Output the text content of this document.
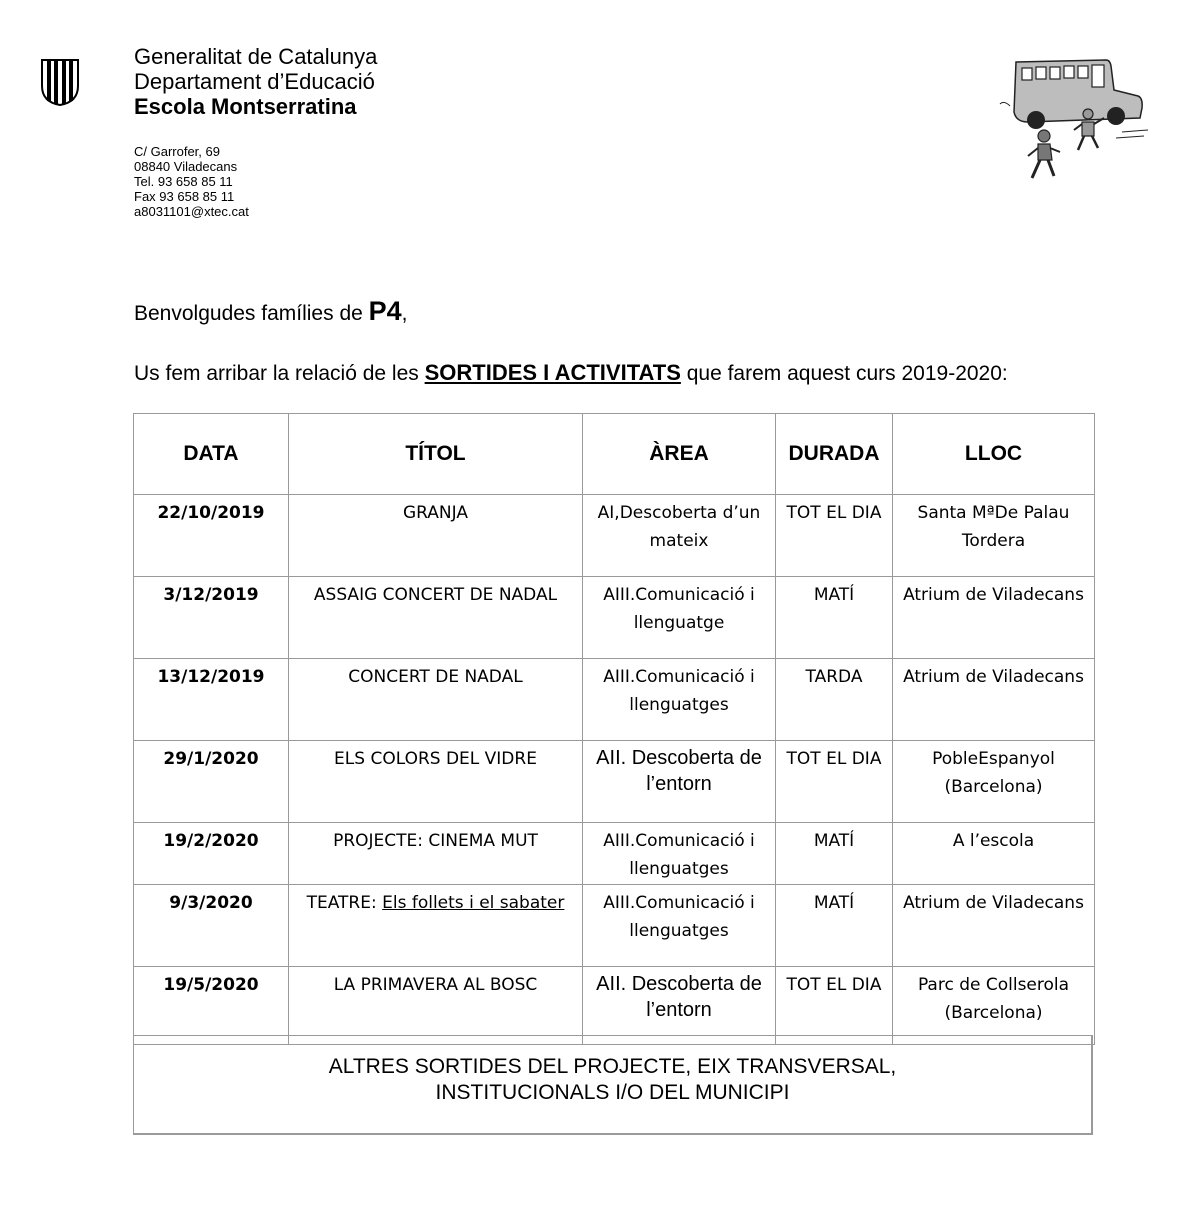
Generalitat de Catalunya
Departament d’Educació
Escola Montserratina
C/ Garrofer, 69
08840 Viladecans
Tel. 93 658 85 11
Fax 93 658 85 11
a8031101@xtec.cat
Benvolgudes famílies de P4,
Us fem arribar la relació de les SORTIDES I ACTIVITATS que farem aquest curs 2019-2020:
DATA	TÍTOL	ÀREA	DURADA	LLOC
22/10/2019	GRANJA	AI,Descoberta d’un mateix	TOT EL DIA	Santa MªDe Palau Tordera
3/12/2019	ASSAIG CONCERT DE NADAL	AIII.Comunicació i llenguatge	MATÍ	Atrium de Viladecans
13/12/2019	CONCERT DE NADAL	AIII.Comunicació i llenguatges	TARDA	Atrium de Viladecans
29/1/2020	ELS COLORS DEL VIDRE	AII. Descoberta de l’entorn	TOT EL DIA	PobleEspanyol (Barcelona)
19/2/2020	PROJECTE: CINEMA MUT	AIII.Comunicació i llenguatges	MATÍ	A l’escola
9/3/2020	TEATRE: Els follets i el sabater	AIII.Comunicació i llenguatges	MATÍ	Atrium de Viladecans
19/5/2020	LA PRIMAVERA AL BOSC	AII. Descoberta de l’entorn	TOT EL DIA	Parc de Collserola (Barcelona)
ALTRES SORTIDES DEL PROJECTE, EIX TRANSVERSAL,
INSTITUCIONALS I/O DEL MUNICIPI
